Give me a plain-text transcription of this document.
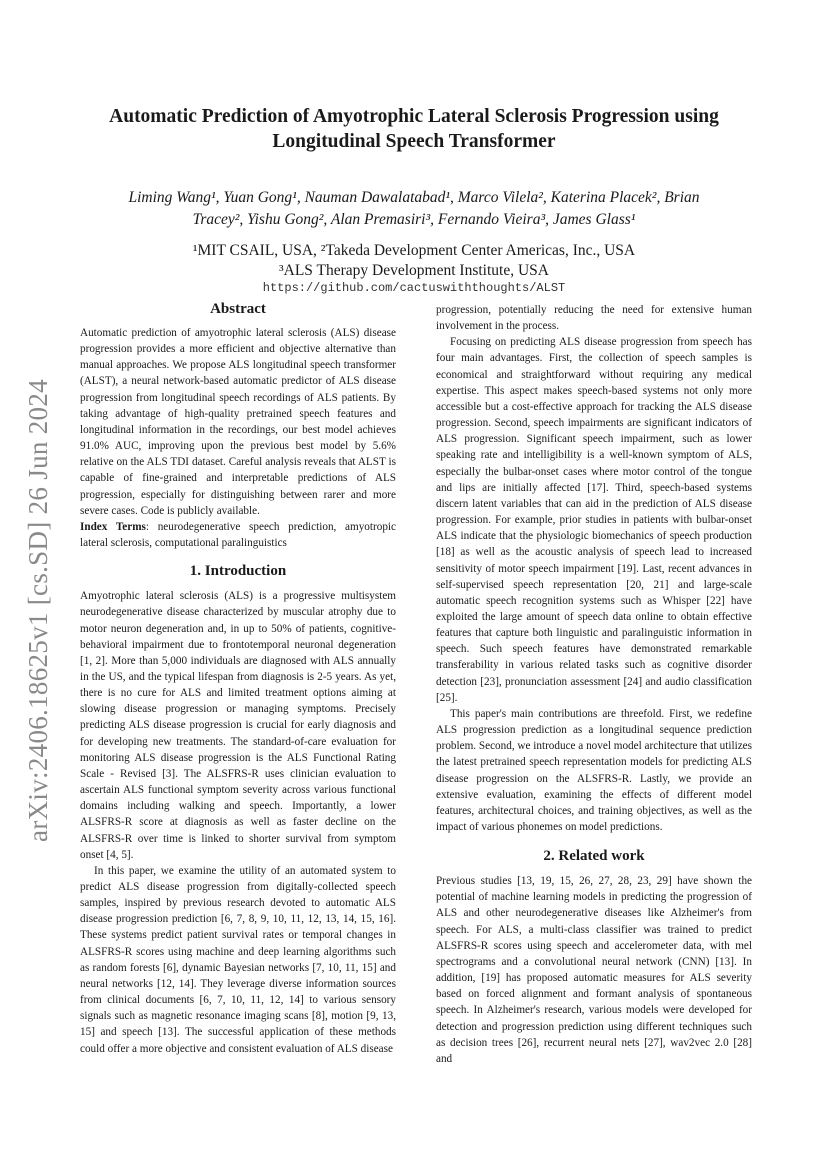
arXiv:2406.18625v1 [cs.SD] 26 Jun 2024
Automatic Prediction of Amyotrophic Lateral Sclerosis Progression using Longitudinal Speech Transformer
Liming Wang¹, Yuan Gong¹, Nauman Dawalatabad¹, Marco Vilela², Katerina Placek², Brian
Tracey², Yishu Gong², Alan Premasiri³, Fernando Vieira³, James Glass¹
¹MIT CSAIL, USA, ²Takeda Development Center Americas, Inc., USA
³ALS Therapy Development Institute, USA
https://github.com/cactuswiththoughts/ALST
Abstract

Automatic prediction of amyotrophic lateral sclerosis (ALS) disease progression provides a more efficient and objective alternative than manual approaches. We propose ALS longitudinal speech transformer (ALST), a neural network-based automatic predictor of ALS disease progression from longitudinal speech recordings of ALS patients. By taking advantage of high-quality pretrained speech features and longitudinal information in the recordings, our best model achieves 91.0% AUC, improving upon the previous best model by 5.6% relative on the ALS TDI dataset. Careful analysis reveals that ALST is capable of fine-grained and interpretable predictions of ALS progression, especially for distinguishing between rarer and more severe cases. Code is publicly available.

Index Terms: neurodegenerative speech prediction, amyotropic lateral sclerosis, computational paralinguistics

1. Introduction

Amyotrophic lateral sclerosis (ALS) is a progressive multisystem neurodegenerative disease characterized by muscular atrophy due to motor neuron degeneration and, in up to 50% of patients, cognitive-behavioral impairment due to frontotemporal neuronal degeneration [1, 2]. More than 5,000 individuals are diagnosed with ALS annually in the US, and the typical lifespan from diagnosis is 2-5 years. As yet, there is no cure for ALS and limited treatment options aiming at slowing disease progression or managing symptoms. Precisely predicting ALS disease progression is crucial for early diagnosis and for developing new treatments. The standard-of-care evaluation for monitoring ALS disease progression is the ALS Functional Rating Scale - Revised [3]. The ALSFRS-R uses clinician evaluation to ascertain ALS functional symptom severity across various functional domains including walking and speech. Importantly, a lower ALSFRS-R score at diagnosis as well as faster decline on the ALSFRS-R over time is linked to shorter survival from symptom onset [4, 5].

In this paper, we examine the utility of an automated system to predict ALS disease progression from digitally-collected speech samples, inspired by previous research devoted to automatic ALS disease progression prediction [6, 7, 8, 9, 10, 11, 12, 13, 14, 15, 16]. These systems predict patient survival rates or temporal changes in ALSFRS-R scores using machine and deep learning algorithms such as random forests [6], dynamic Bayesian networks [7, 10, 11, 15] and neural networks [12, 14]. They leverage diverse information sources from clinical documents [6, 7, 10, 11, 12, 14] to various sensory signals such as magnetic resonance imaging scans [8], motion [9, 13, 15] and speech [13]. The successful application of these methods could offer a more objective and consistent evaluation of ALS disease

progression, potentially reducing the need for extensive human involvement in the process.

Focusing on predicting ALS disease progression from speech has four main advantages. First, the collection of speech samples is economical and straightforward without requiring any medical expertise. This aspect makes speech-based systems not only more accessible but a cost-effective approach for tracking the ALS disease progression. Second, speech impairments are significant indicators of ALS progression. Significant speech impairment, such as lower speaking rate and intelligibility is a well-known symptom of ALS, especially the bulbar-onset cases where motor control of the tongue and lips are initially affected [17]. Third, speech-based systems discern latent variables that can aid in the prediction of ALS disease progression. For example, prior studies in patients with bulbar-onset ALS indicate that the physiologic biomechanics of speech production [18] as well as the acoustic analysis of speech lead to increased sensitivity of motor speech impairment [19]. Last, recent advances in self-supervised speech representation [20, 21] and large-scale automatic speech recognition systems such as Whisper [22] have exploited the large amount of speech data online to obtain effective features that capture both linguistic and paralinguistic information in speech. Such speech features have demonstrated remarkable transferability in various related tasks such as cognitive disorder detection [23], pronunciation assessment [24] and audio classification [25].

This paper's main contributions are threefold. First, we redefine ALS progression prediction as a longitudinal sequence prediction problem. Second, we introduce a novel model architecture that utilizes the latest pretrained speech representation models for predicting ALS disease progression on the ALSFRS-R. Lastly, we provide an extensive evaluation, examining the effects of different model features, architectural choices, and training objectives, as well as the impact of various phonemes on model predictions.

2. Related work

Previous studies [13, 19, 15, 26, 27, 28, 23, 29] have shown the potential of machine learning models in predicting the progression of ALS and other neurodegenerative diseases like Alzheimer's from speech. For ALS, a multi-class classifier was trained to predict ALSFRS-R scores using speech and accelerometer data, with mel spectrograms and a convolutional neural network (CNN) [13]. In addition, [19] has proposed automatic measures for ALS severity based on forced alignment and formant analysis of spontaneous speech. In Alzheimer's research, various models were developed for detection and progression prediction using different techniques such as decision trees [26], recurrent neural nets [27], wav2vec 2.0 [28] and
